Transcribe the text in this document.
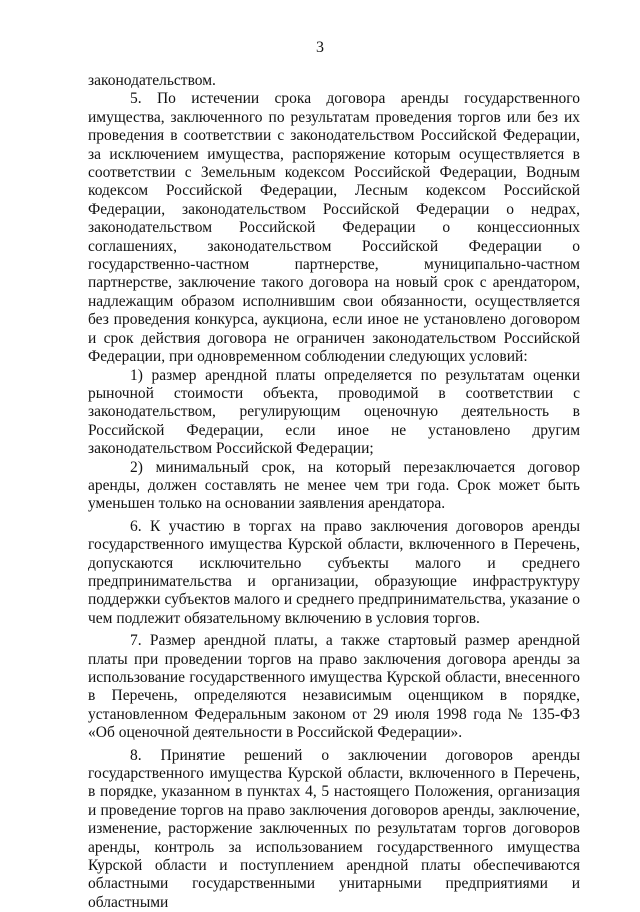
3

законодательством.

5. По истечении срока договора аренды государственного имущества, заключенного по результатам проведения торгов или без их проведения в соответствии с законодательством Российской Федерации, за исключением имущества, распоряжение которым осуществляется в соответствии с Земельным кодексом Российской Федерации, Водным кодексом Российской Федерации, Лесным кодексом Российской Федерации, законодательством Российской Федерации о недрах, законодательством Российской Федерации о концессионных соглашениях, законодательством Российской Федерации о государственно-частном партнерстве, муниципально-частном партнерстве, заключение такого договора на новый срок с арендатором, надлежащим образом исполнившим свои обязанности, осуществляется без проведения конкурса, аукциона, если иное не установлено договором и срок действия договора не ограничен законодательством Российской Федерации, при одновременном соблюдении следующих условий:

1) размер арендной платы определяется по результатам оценки рыночной стоимости объекта, проводимой в соответствии с законодательством, регулирующим оценочную деятельность в Российской Федерации, если иное не установлено другим законодательством Российской Федерации;

2) минимальный срок, на который перезаключается договор аренды, должен составлять не менее чем три года. Срок может быть уменьшен только на основании заявления арендатора.

6. К участию в торгах на право заключения договоров аренды государственного имущества Курской области, включенного в Перечень, допускаются исключительно субъекты малого и среднего предпринимательства и организации, образующие инфраструктуру поддержки субъектов малого и среднего предпринимательства, указание о чем подлежит обязательному включению в условия торгов.

7. Размер арендной платы, а также стартовый размер арендной платы при проведении торгов на право заключения договора аренды за использование государственного имущества Курской области, внесенного в Перечень, определяются независимым оценщиком в порядке, установленном Федеральным законом от 29 июля 1998 года № 135-ФЗ «Об оценочной деятельности в Российской Федерации».

8. Принятие решений о заключении договоров аренды государственного имущества Курской области, включенного в Перечень, в порядке, указанном в пунктах 4, 5 настоящего Положения, организация и проведение торгов на право заключения договоров аренды, заключение, изменение, расторжение заключенных по результатам торгов договоров аренды, контроль за использованием государственного имущества Курской области и поступлением арендной платы обеспечиваются областными государственными унитарными предприятиями и областными
